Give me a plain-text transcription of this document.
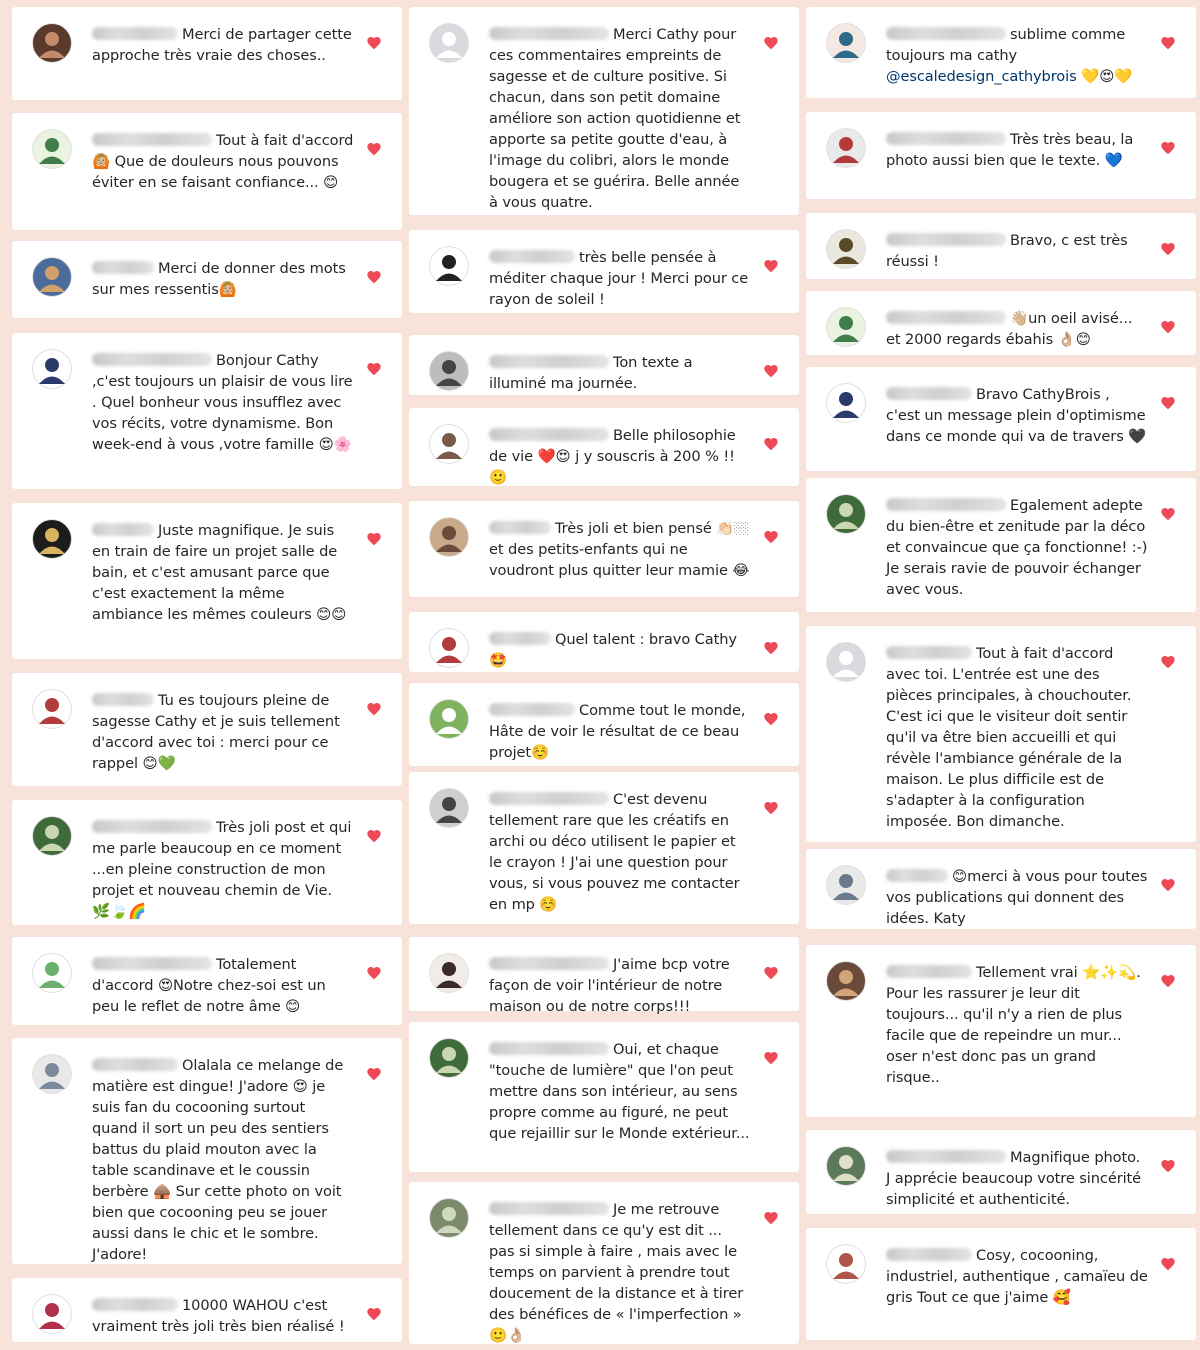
Merci de partager cette approche très vraie des choses..
Tout à fait d'accord 🙆🏼 Que de douleurs nous pouvons éviter en se faisant confiance... 😊
Merci de donner des mots sur mes ressentis🙆🏼
Bonjour Cathy ,c'est toujours un plaisir de vous lire . Quel bonheur vous insufflez avec vos récits, votre dynamisme. Bon week-end à vous ,votre famille 😍🌸
Juste magnifique. Je suis en train de faire un projet salle de bain, et c'est amusant parce que c'est exactement la même ambiance les mêmes couleurs 😊😊
Tu es toujours pleine de sagesse Cathy et je suis tellement d'accord avec toi : merci pour ce rappel 😊💚
Très joli post et qui me parle beaucoup en ce moment ...en pleine construction de mon projet et nouveau chemin de Vie. 🌿🍃🌈
Totalement d'accord 😍Notre chez-soi est un peu le reflet de notre âme 😊
Olalala ce melange de matière est dingue! J'adore 😍 je suis fan du cocooning surtout quand il sort un peu des sentiers battus du plaid mouton avec la table scandinave et le coussin berbère 🛖 Sur cette photo on voit bien que cocooning peu se jouer aussi dans le chic et le sombre. J'adore!
10000 WAHOU c'est vraiment très joli très bien réalisé !
Merci Cathy pour ces commentaires empreints de sagesse et de culture positive. Si chacun, dans son petit domaine améliore son action quotidienne et apporte sa petite goutte d'eau, à l'image du colibri, alors le monde bougera et se guérira. Belle année à vous quatre.
très belle pensée à méditer chaque jour ! Merci pour ce rayon de soleil !
Ton texte a illuminé ma journée.
Belle philosophie de vie ❤️😍 j y souscris à 200 % !! 🙂
Très joli et bien pensé 👏🏻🏼 et des petits-enfants qui ne voudront plus quitter leur mamie 😂
Quel talent : bravo Cathy 🤩
Comme tout le monde, Hâte de voir le résultat de ce beau projet☺️
C'est devenu tellement rare que les créatifs en archi ou déco utilisent le papier et le crayon ! J'ai une question pour vous, si vous pouvez me contacter en mp ☺️
J'aime bcp votre façon de voir l'intérieur de notre maison ou de notre corps!!!
Oui, et chaque "touche de lumière" que l'on peut mettre dans son intérieur, au sens propre comme au figuré, ne peut que rejaillir sur le Monde extérieur...
Je me retrouve tellement dans ce qu'y est dit ... pas si simple à faire , mais avec le temps on parvient à prendre tout doucement de la distance et à tirer des bénéfices de « l'imperfection » 🙂👌🏼
sublime comme toujours ma cathy
@escaledesign_cathybrois 💛😍💛
Très très beau, la photo aussi bien que le texte. 💙
Bravo, c est très réussi !
👋🏼un oeil avisé... et 2000 regards ébahis 👌🏼😊
Bravo CathyBrois , c'est un message plein d'optimisme dans ce monde qui va de travers 🖤
Egalement adepte du bien-être et zenitude par la déco et convaincue que ça fonctionne! :-) Je serais ravie de pouvoir échanger avec vous.
Tout à fait d'accord avec toi. L'entrée est une des pièces principales, à chouchouter. C'est ici que le visiteur doit sentir qu'il va être bien accueilli et qui révèle l'ambiance générale de la maison. Le plus difficile est de s'adapter à la configuration imposée. Bon dimanche.
😊merci à vous pour toutes vos publications qui donnent des idées. Katy
Tellement vrai ⭐✨💫. Pour les rassurer je leur dit toujours... qu'il n'y a rien de plus facile que de repeindre un mur... oser n'est donc pas un grand risque..
Magnifique photo. J apprécie beaucoup votre sincérité simplicité et authenticité.
Cosy, cocooning, industriel, authentique , camaïeu de gris Tout ce que j'aime 🥰
